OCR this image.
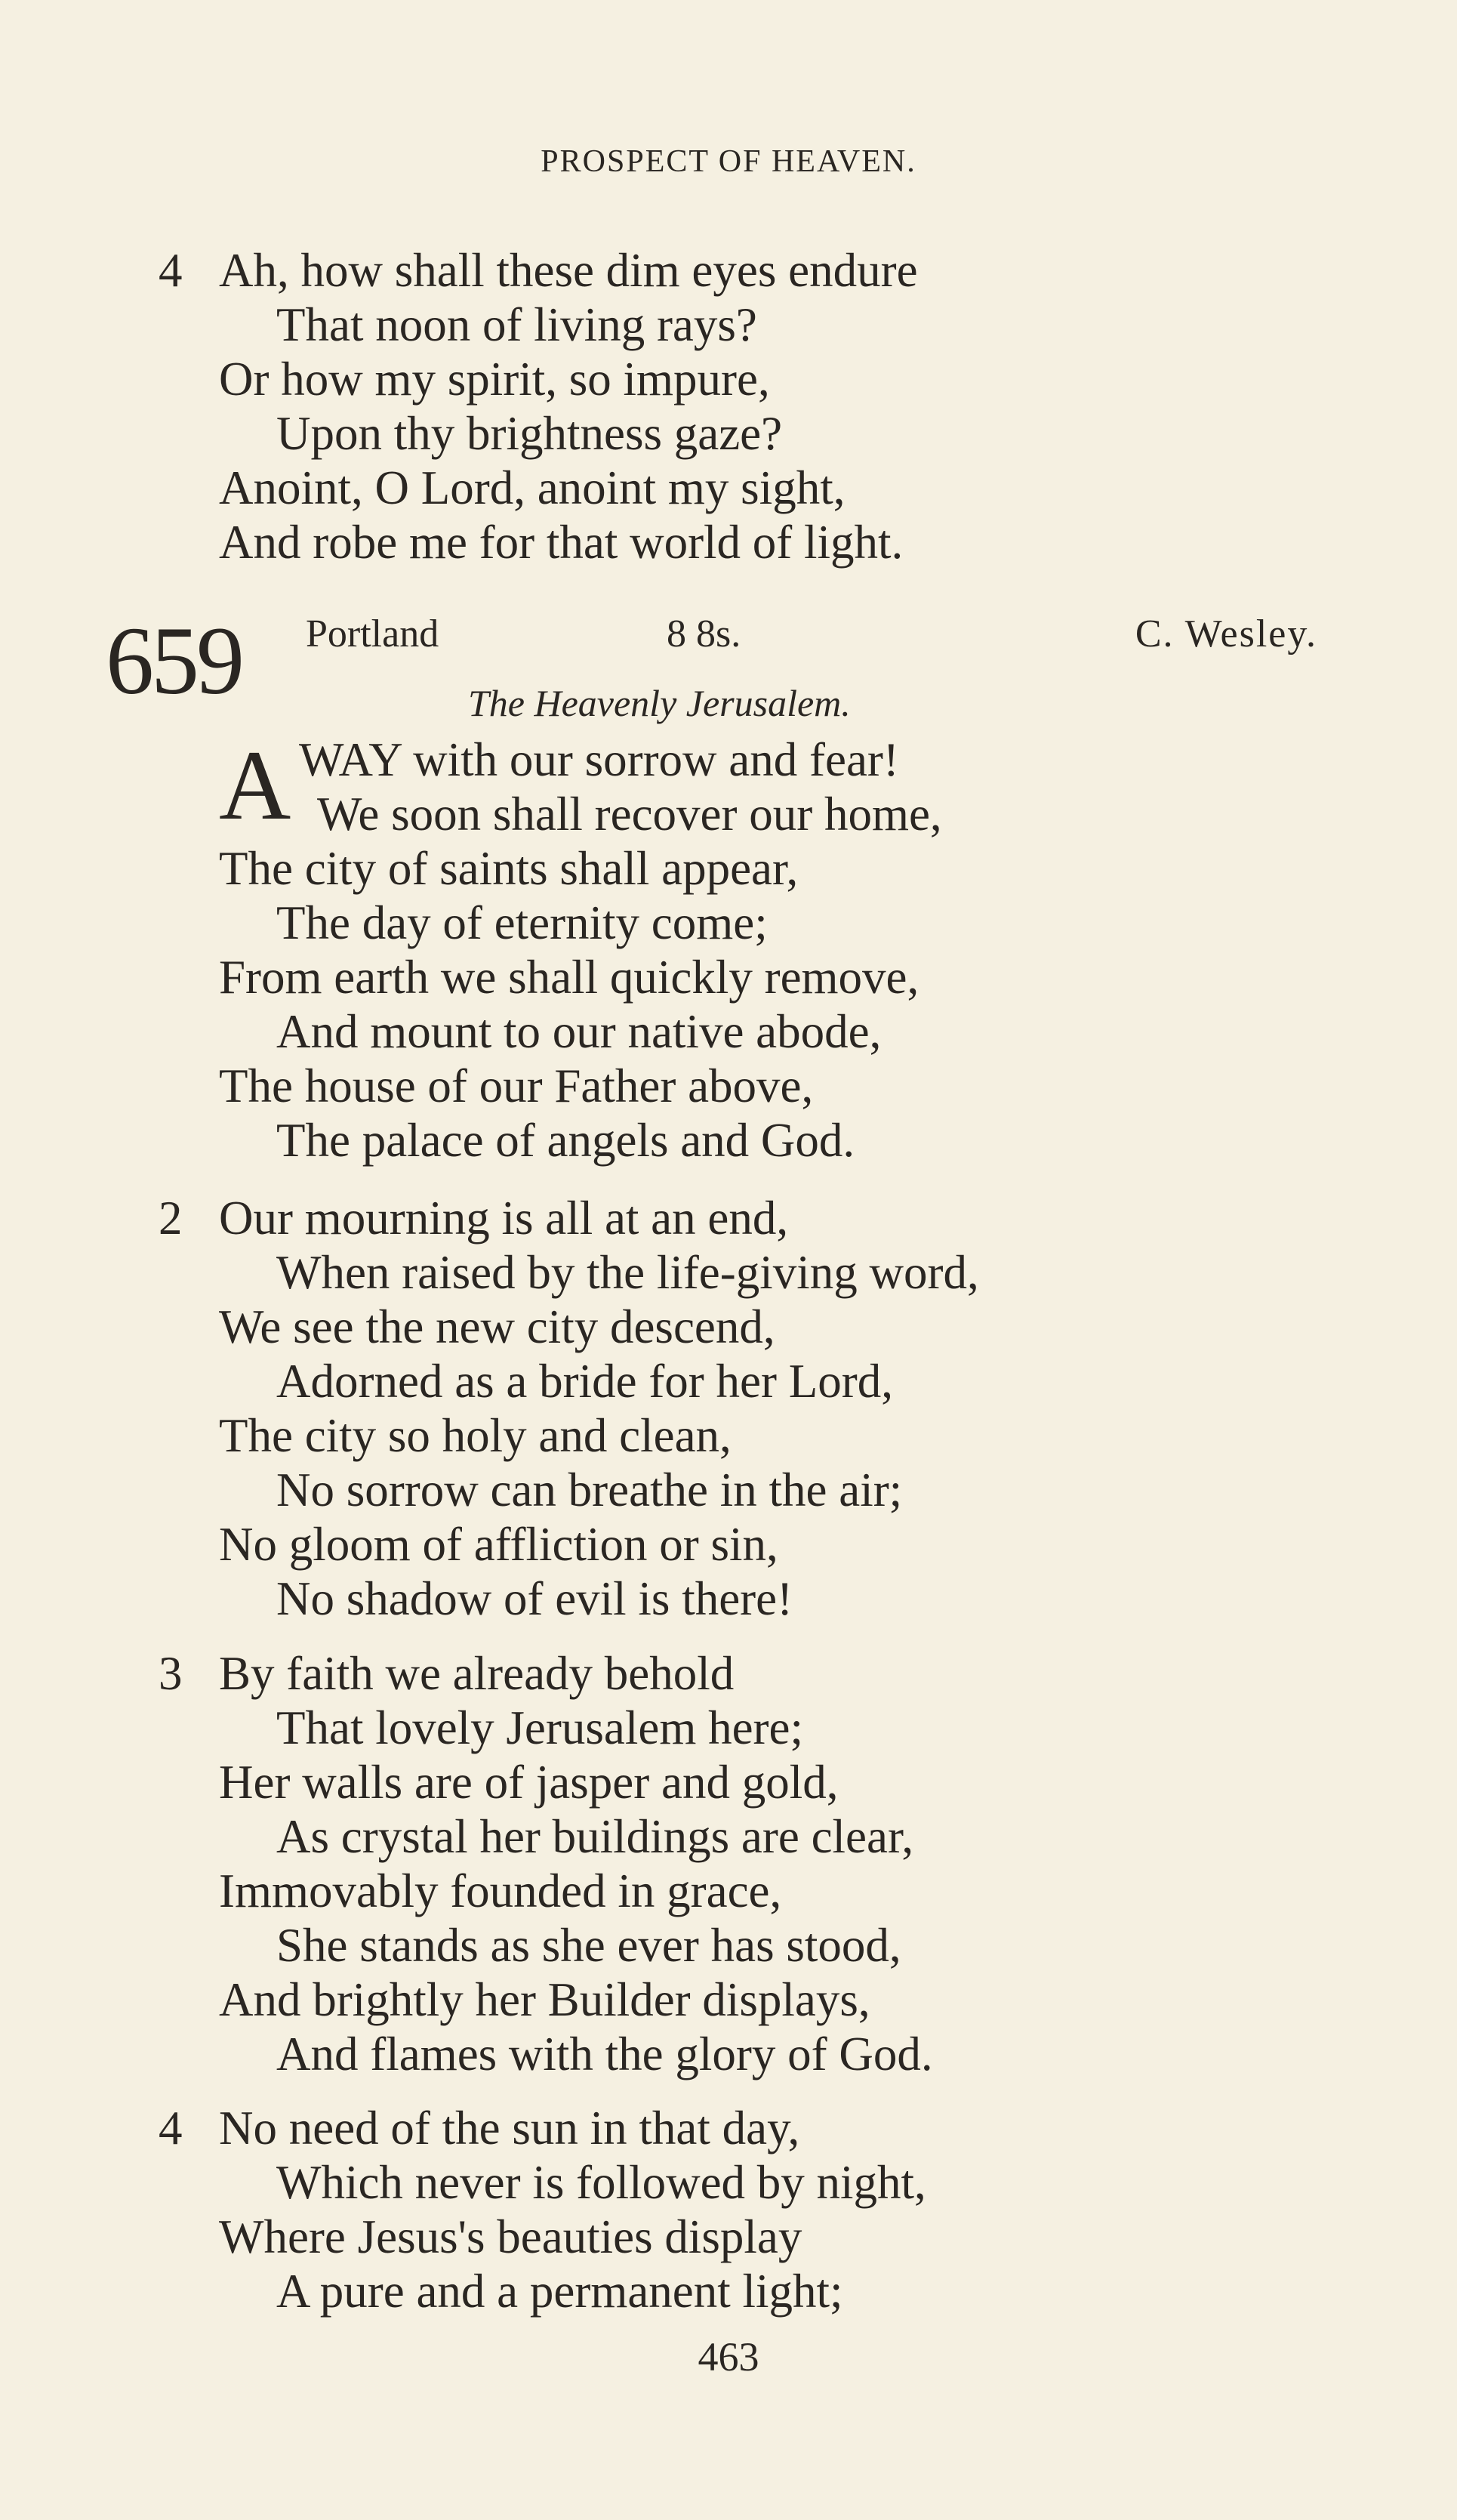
PROSPECT OF HEAVEN.
4 Ah, how shall these dim eyes endure
That noon of living rays?
Or how my spirit, so impure,
Upon thy brightness gaze?
Anoint, O Lord, anoint my sight,
And robe me for that world of light.
659 Portland	8 8s.	C. Wesley.
The Heavenly Jerusalem.
A WAY with our sorrow and fear!
We soon shall recover our home,
The city of saints shall appear,
The day of eternity come;
From earth we shall quickly remove,
And mount to our native abode,
The house of our Father above,
The palace of angels and God.
2 Our mourning is all at an end,
When raised by the life-giving word,
We see the new city descend,
Adorned as a bride for her Lord,
The city so holy and clean,
No sorrow can breathe in the air;
No gloom of affliction or sin,
No shadow of evil is there!
3 By faith we already behold
That lovely Jerusalem here;
Her walls are of jasper and gold,
As crystal her buildings are clear,
Immovably founded in grace,
She stands as she ever has stood,
And brightly her Builder displays,
And flames with the glory of God.
4 No need of the sun in that day,
Which never is followed by night,
Where Jesus's beauties display
A pure and a permanent light;
463
